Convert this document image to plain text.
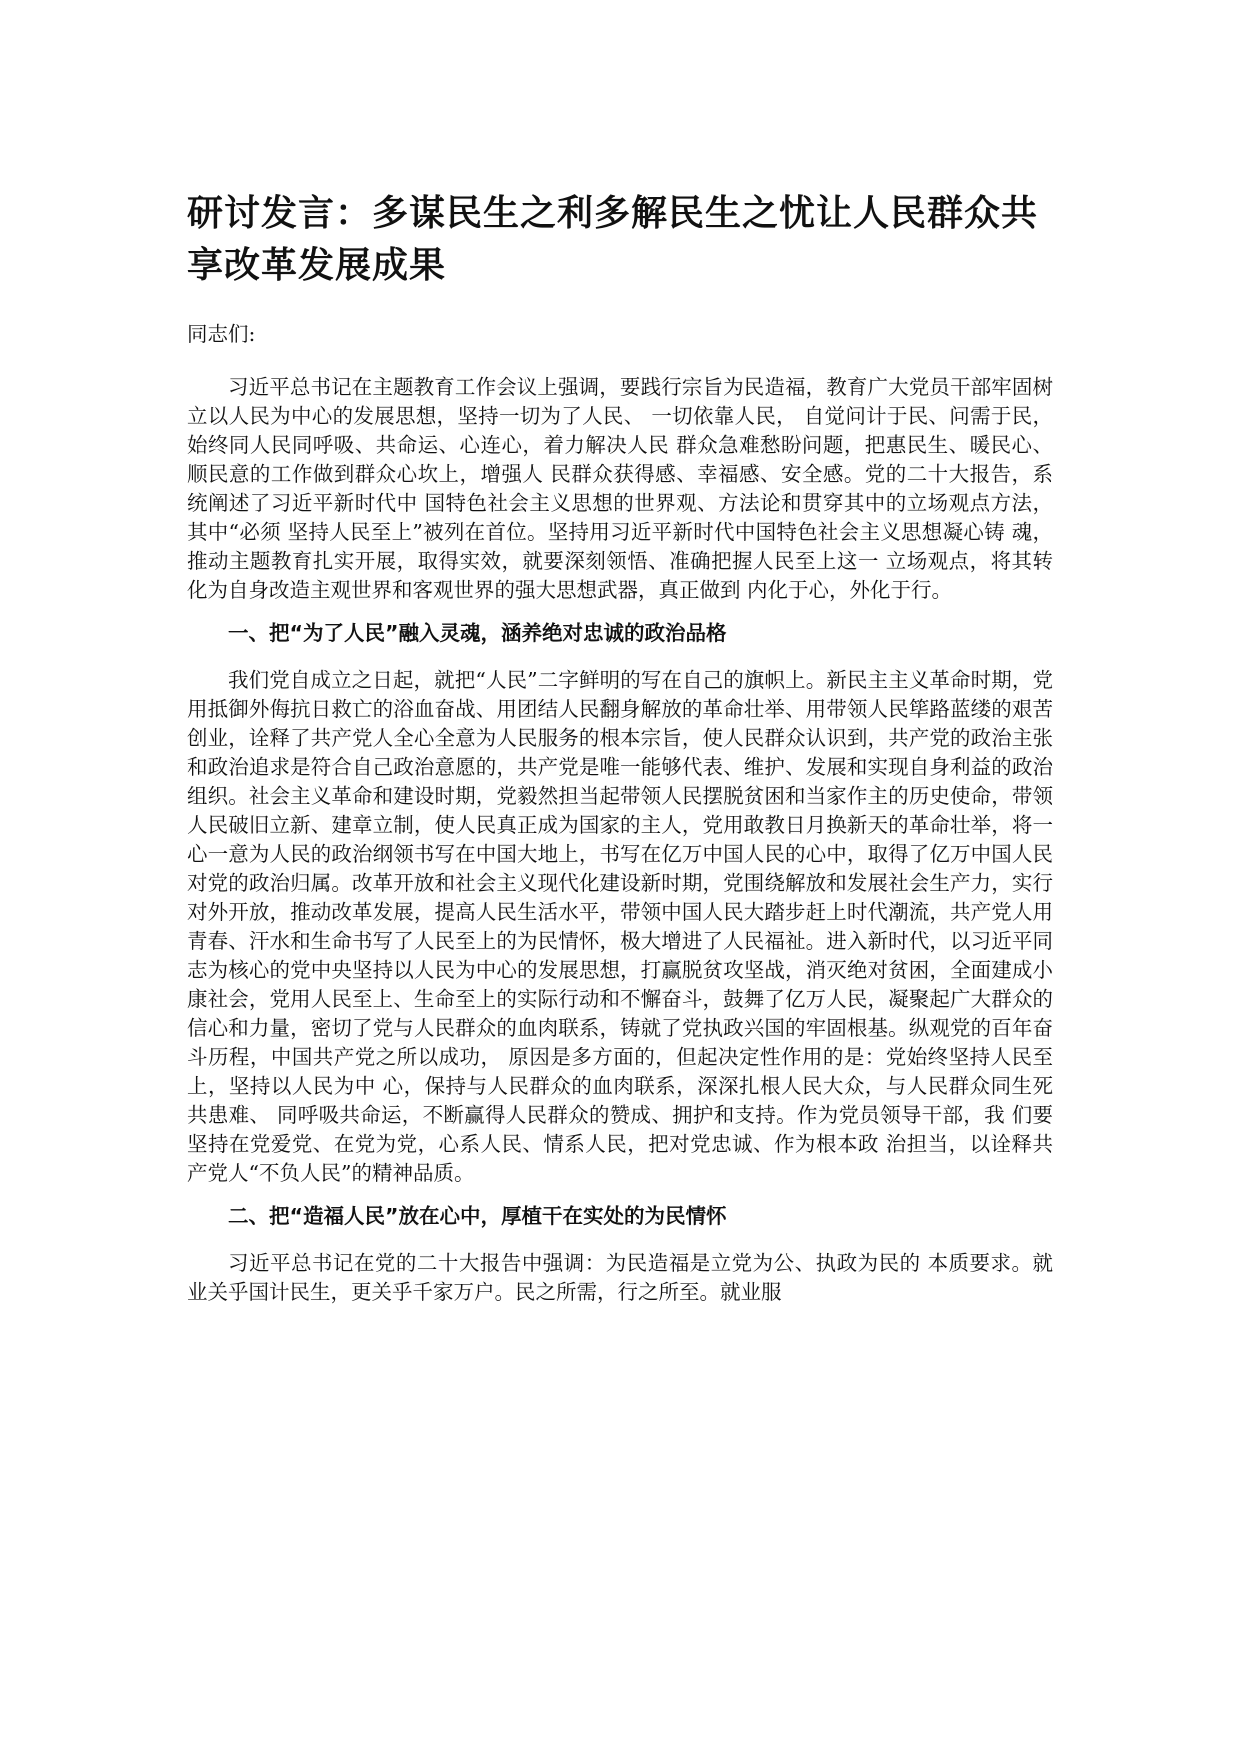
研讨发言：多谋民生之利多解民生之忧让人民群众共享改革发展成果

同志们:

习近平总书记在主题教育工作会议上强调，要践行宗旨为民造福，教育广大党员干部牢固树立以人民为中心的发展思想，坚持一切为了人民、 一切依靠人民， 自觉问计于民、问需于民，始终同人民同呼吸、共命运、心连心，着力解决人民 群众急难愁盼问题，把惠民生、暖民心、顺民意的工作做到群众心坎上，增强人 民群众获得感、幸福感、安全感。党的二十大报告，系统阐述了习近平新时代中 国特色社会主义思想的世界观、方法论和贯穿其中的立场观点方法，其中“必须 坚持人民至上”被列在首位。坚持用习近平新时代中国特色社会主义思想凝心铸 魂，推动主题教育扎实开展，取得实效，就要深刻领悟、准确把握人民至上这一 立场观点，将其转化为自身改造主观世界和客观世界的强大思想武器，真正做到 内化于心，外化于行。

一、把“为了人民”融入灵魂，涵养绝对忠诚的政治品格

我们党自成立之日起，就把“人民”二字鲜明的写在自己的旗帜上。新民主主义革命时期，党用抵御外侮抗日救亡的浴血奋战、用团结人民翻身解放的革命壮举、用带领人民筚路蓝缕的艰苦创业，诠释了共产党人全心全意为人民服务的根本宗旨，使人民群众认识到，共产党的政治主张和政治追求是符合自己政治意愿的，共产党是唯一能够代表、维护、发展和实现自身利益的政治组织。社会主义革命和建设时期，党毅然担当起带领人民摆脱贫困和当家作主的历史使命，带领人民破旧立新、建章立制，使人民真正成为国家的主人，党用敢教日月换新天的革命壮举，将一心一意为人民的政治纲领书写在中国大地上，书写在亿万中国人民的心中，取得了亿万中国人民对党的政治归属。改革开放和社会主义现代化建设新时期，党围绕解放和发展社会生产力，实行对外开放，推动改革发展，提高人民生活水平，带领中国人民大踏步赶上时代潮流，共产党人用青春、汗水和生命书写了人民至上的为民情怀，极大增进了人民福祉。进入新时代，以习近平同志为核心的党中央坚持以人民为中心的发展思想，打赢脱贫攻坚战，消灭绝对贫困，全面建成小康社会，党用人民至上、生命至上的实际行动和不懈奋斗，鼓舞了亿万人民，凝聚起广大群众的信心和力量，密切了党与人民群众的血肉联系，铸就了党执政兴国的牢固根基。纵观党的百年奋斗历程，中国共产党之所以成功， 原因是多方面的，但起决定性作用的是：党始终坚持人民至上，坚持以人民为中 心，保持与人民群众的血肉联系，深深扎根人民大众，与人民群众同生死共患难、 同呼吸共命运，不断赢得人民群众的赞成、拥护和支持。作为党员领导干部，我 们要坚持在党爱党、在党为党，心系人民、情系人民，把对党忠诚、作为根本政 治担当，以诠释共产党人“不负人民”的精神品质。

二、把“造福人民”放在心中，厚植干在实处的为民情怀

习近平总书记在党的二十大报告中强调：为民造福是立党为公、执政为民的 本质要求。就业关乎国计民生，更关乎千家万户。民之所需，行之所至。就业服
